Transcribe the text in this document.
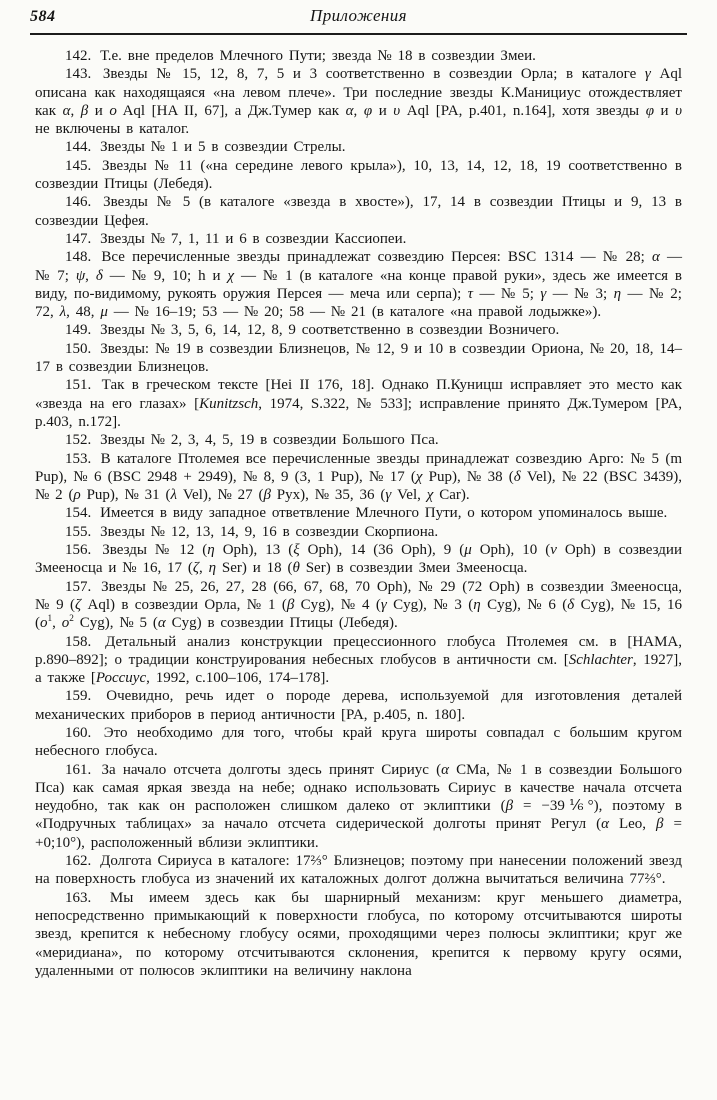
584	Приложения

142. Т.е. вне пределов Млечного Пути; звезда № 18 в созвездии Змеи.

143. Звезды № 15, 12, 8, 7, 5 и 3 соответственно в созвездии Орла; в каталоге γ Aql описана как находящаяся «на левом плече». Три последние звезды К.Манициус отождествляет как α, β и o Aql [HA II, 67], а Дж.Тумер как α, φ и υ Aql [PA, p.401, n.164], хотя звезды φ и υ не включены в каталог.

144. Звезды № 1 и 5 в созвездии Стрелы.

145. Звезды № 11 («на середине левого крыла»), 10, 13, 14, 12, 18, 19 соответственно в созвездии Птицы (Лебедя).

146. Звезды № 5 (в каталоге «звезда в хвосте»), 17, 14 в созвездии Птицы и 9, 13 в созвездии Цефея.

147. Звезды № 7, 1, 11 и 6 в созвездии Кассиопеи.

148. Все перечисленные звезды принадлежат созвездию Персея: BSC 1314 — № 28; α — № 7; ψ, δ — № 9, 10; h и χ — № 1 (в каталоге «на конце правой руки», здесь же имеется в виду, по-видимому, рукоять оружия Персея — меча или серпа); τ — № 5; γ — № 3; η — № 2; 72, λ, 48, μ — № 16–19; 53 — № 20; 58 — № 21 (в каталоге «на правой лодыжке»).

149. Звезды № 3, 5, 6, 14, 12, 8, 9 соответственно в созвездии Возничего.

150. Звезды: № 19 в созвездии Близнецов, № 12, 9 и 10 в созвездии Ориона, № 20, 18, 14–17 в созвездии Близнецов.

151. Так в греческом тексте [Hei II 176, 18]. Однако П.Куницш исправляет это место как «звезда на его глазах» [Kunitzsch, 1974, S.322, № 533]; исправление принято Дж.Тумером [PA, p.403, n.172].

152. Звезды № 2, 3, 4, 5, 19 в созвездии Большого Пса.

153. В каталоге Птолемея все перечисленные звезды принадлежат созвездию Арго: № 5 (m Pup), № 6 (BSC 2948 + 2949), № 8, 9 (3, 1 Pup), № 17 (χ Pup), № 38 (δ Vel), № 22 (BSC 3439), № 2 (ρ Pup), № 31 (λ Vel), № 27 (β Pyx), № 35, 36 (γ Vel, χ Car).

154. Имеется в виду западное ответвление Млечного Пути, о котором упоминалось выше.

155. Звезды № 12, 13, 14, 9, 16 в созвездии Скорпиона.

156. Звезды № 12 (η Oph), 13 (ξ Oph), 14 (36 Oph), 9 (μ Oph), 10 (ν Oph) в созвездии Змееносца и № 16, 17 (ζ, η Ser) и 18 (θ Ser) в созвездии Змеи Змееносца.

157. Звезды № 25, 26, 27, 28 (66, 67, 68, 70 Oph), № 29 (72 Oph) в созвездии Змееносца, № 9 (ζ Aql) в созвездии Орла, № 1 (β Cyg), № 4 (γ Cyg), № 3 (η Cyg), № 6 (δ Cyg), № 15, 16 ($o^1$, $o^2$ Cyg), № 5 (α Cyg) в созвездии Птицы (Лебедя).

158. Детальный анализ конструкции прецессионного глобуса Птолемея см. в [HAMA, p.890–892]; о традиции конструирования небесных глобусов в античности см. [Schlachter, 1927], а также [Россиус, 1992, с.100–106, 174–178].

159. Очевидно, речь идет о породе дерева, используемой для изготовления деталей механических приборов в период античности [PA, p.405, n. 180].

160. Это необходимо для того, чтобы край круга широты совпадал с большим кругом небесного глобуса.

161. За начало отсчета долготы здесь принят Сириус (α CMa, № 1 в созвездии Большого Пса) как самая яркая звезда на небе; однако использовать Сириус в качестве начала отсчета неудобно, так как он расположен слишком далеко от эклиптики (β = −39⅙°), поэтому в «Подручных таблицах» за начало отсчета сидерической долготы принят Регул (α Leo, β = +0;10°), расположенный вблизи эклиптики.

162. Долгота Сириуса в каталоге: 17⅔° Близнецов; поэтому при нанесении положений звезд на поверхность глобуса из значений их каталожных долгот должна вычитаться величина 77⅔°.

163. Мы имеем здесь как бы шарнирный механизм: круг меньшего диаметра, непосредственно примыкающий к поверхности глобуса, по которому отсчитываются широты звезд, крепится к небесному глобусу осями, проходящими через полюсы эклиптики; круг же «меридиана», по которому отсчитываются склонения, крепится к первому кругу осями, удаленными от полюсов эклиптики на величину наклона
